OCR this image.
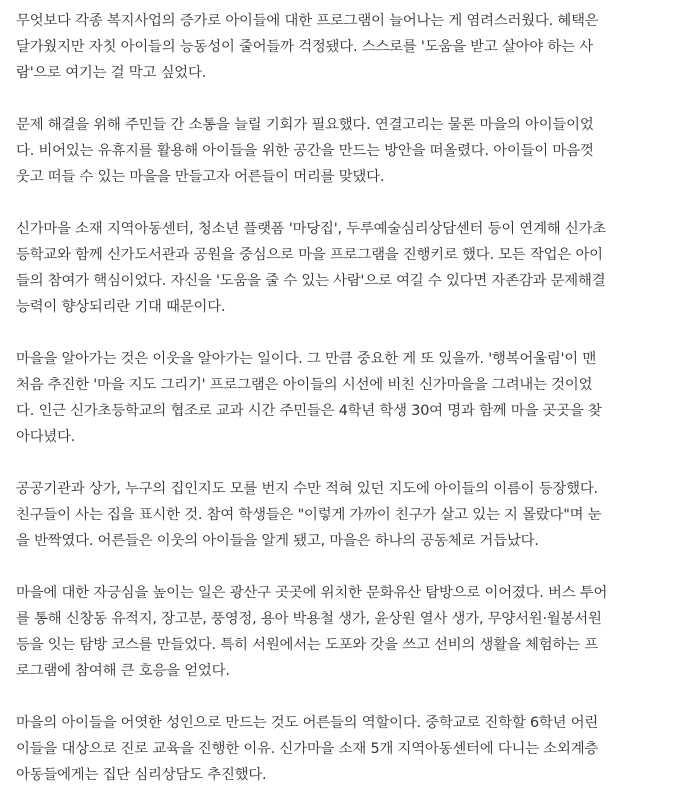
무엇보다 각종 복지사업의 증가로 아이들에 대한 프로그램이 늘어나는 게 염려스러웠다. 혜택은
달가웠지만 자칫 아이들의 능동성이 줄어들까 걱정됐다. 스스로를 '도움을 받고 살아야 하는 사
람'으로 여기는 걸 막고 싶었다.

문제 해결을 위해 주민들 간 소통을 늘릴 기회가 필요했다. 연결고리는 물론 마을의 아이들이었
다. 비어있는 유휴지를 활용해 아이들을 위한 공간을 만드는 방안을 떠올렸다. 아이들이 마음껏
웃고 떠들 수 있는 마을을 만들고자 어른들이 머리를 맞댔다.

신가마을 소재 지역아동센터, 청소년 플랫폼 '마당집', 두루예술심리상담센터 등이 연계해 신가초
등학교와 함께 신가도서관과 공원을 중심으로 마을 프로그램을 진행키로 했다. 모든 작업은 아이
들의 참여가 핵심이었다. 자신을 '도움을 줄 수 있는 사람'으로 여길 수 있다면 자존감과 문제해결
능력이 향상되리란 기대 때문이다.

마을을 알아가는 것은 이웃을 알아가는 일이다. 그 만큼 중요한 게 또 있을까. '행복어울림'이 맨
처음 추진한 '마을 지도 그리기' 프로그램은 아이들의 시선에 비친 신가마을을 그려내는 것이었
다. 인근 신가초등학교의 협조로 교과 시간 주민들은 4학년 학생 30여 명과 함께 마을 곳곳을 찾
아다녔다.

공공기관과 상가, 누구의 집인지도 모를 번지 수만 적혀 있던 지도에 아이들의 이름이 등장했다.
친구들이 사는 집을 표시한 것. 참여 학생들은 "이렇게 가까이 친구가 살고 있는 지 몰랐다"며 눈
을 반짝였다. 어른들은 이웃의 아이들을 알게 됐고, 마을은 하나의 공동체로 거듭났다.

마을에 대한 자긍심을 높이는 일은 광산구 곳곳에 위치한 문화유산 탐방으로 이어졌다. 버스 투어
를 통해 신창동 유적지, 장고분, 풍영정, 용아 박용철 생가, 윤상원 열사 생가, 무양서원·월봉서원
등을 잇는 탐방 코스를 만들었다. 특히 서원에서는 도포와 갓을 쓰고 선비의 생활을 체험하는 프
로그램에 참여해 큰 호응을 얻었다.

마을의 아이들을 어엿한 성인으로 만드는 것도 어른들의 역할이다. 중학교로 진학할 6학년 어린
이들을 대상으로 진로 교육을 진행한 이유. 신가마을 소재 5개 지역아동센터에 다니는 소외계층
아동들에게는 집단 심리상담도 추진했다.
